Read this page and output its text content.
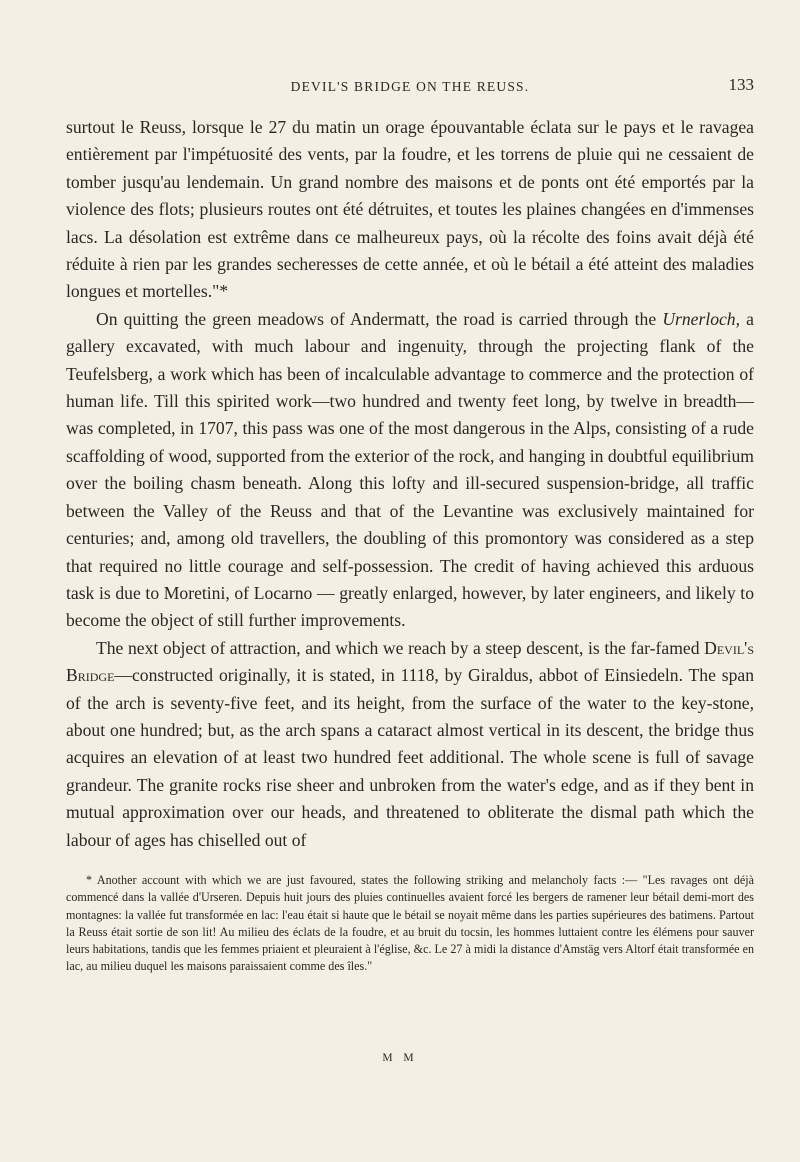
DEVIL'S BRIDGE ON THE REUSS.	133

surtout le Reuss, lorsque le 27 du matin un orage épouvantable éclata sur le pays et le ravagea entièrement par l'impétuosité des vents, par la foudre, et les torrens de pluie qui ne cessaient de tomber jusqu'au lendemain. Un grand nombre des maisons et de ponts ont été emportés par la violence des flots; plusieurs routes ont été détruites, et toutes les plaines changées en d'immenses lacs. La désolation est extrême dans ce malheureux pays, où la récolte des foins avait déjà été réduite à rien par les grandes secheresses de cette année, et où le bétail a été atteint des maladies longues et mortelles."*

On quitting the green meadows of Andermatt, the road is carried through the Urnerloch, a gallery excavated, with much labour and ingenuity, through the projecting flank of the Teufelsberg, a work which has been of incalculable advantage to commerce and the protection of human life. Till this spirited work—two hundred and twenty feet long, by twelve in breadth—was completed, in 1707, this pass was one of the most dangerous in the Alps, consisting of a rude scaffolding of wood, supported from the exterior of the rock, and hanging in doubtful equilibrium over the boiling chasm beneath. Along this lofty and ill-secured suspension-bridge, all traffic between the Valley of the Reuss and that of the Levantine was exclusively maintained for centuries; and, among old travellers, the doubling of this promontory was considered as a step that required no little courage and self-possession. The credit of having achieved this arduous task is due to Moretini, of Locarno — greatly enlarged, however, by later engineers, and likely to become the object of still further improvements.

The next object of attraction, and which we reach by a steep descent, is the far-famed Devil's Bridge—constructed originally, it is stated, in 1118, by Giraldus, abbot of Einsiedeln. The span of the arch is seventy-five feet, and its height, from the surface of the water to the key-stone, about one hundred; but, as the arch spans a cataract almost vertical in its descent, the bridge thus acquires an elevation of at least two hundred feet additional. The whole scene is full of savage grandeur. The granite rocks rise sheer and unbroken from the water's edge, and as if they bent in mutual approximation over our heads, and threatened to obliterate the dismal path which the labour of ages has chiselled out of

* Another account with which we are just favoured, states the following striking and melancholy facts :— "Les ravages ont déjà commencé dans la vallée d'Urseren. Depuis huit jours des pluies continuelles avaient forcé les bergers de ramener leur bétail demi-mort des montagnes: la vallée fut transformée en lac: l'eau était si haute que le bétail se noyait même dans les parties supérieures des batimens. Partout la Reuss était sortie de son lit! Au milieu des éclats de la foudre, et au bruit du tocsin, les hommes luttaient contre les élémens pour sauver leurs habitations, tandis que les femmes priaient et pleuraient à l'église, &c. Le 27 à midi la distance d'Amstäg vers Altorf était transformée en lac, au milieu duquel les maisons paraissaient comme des îles."

M M
